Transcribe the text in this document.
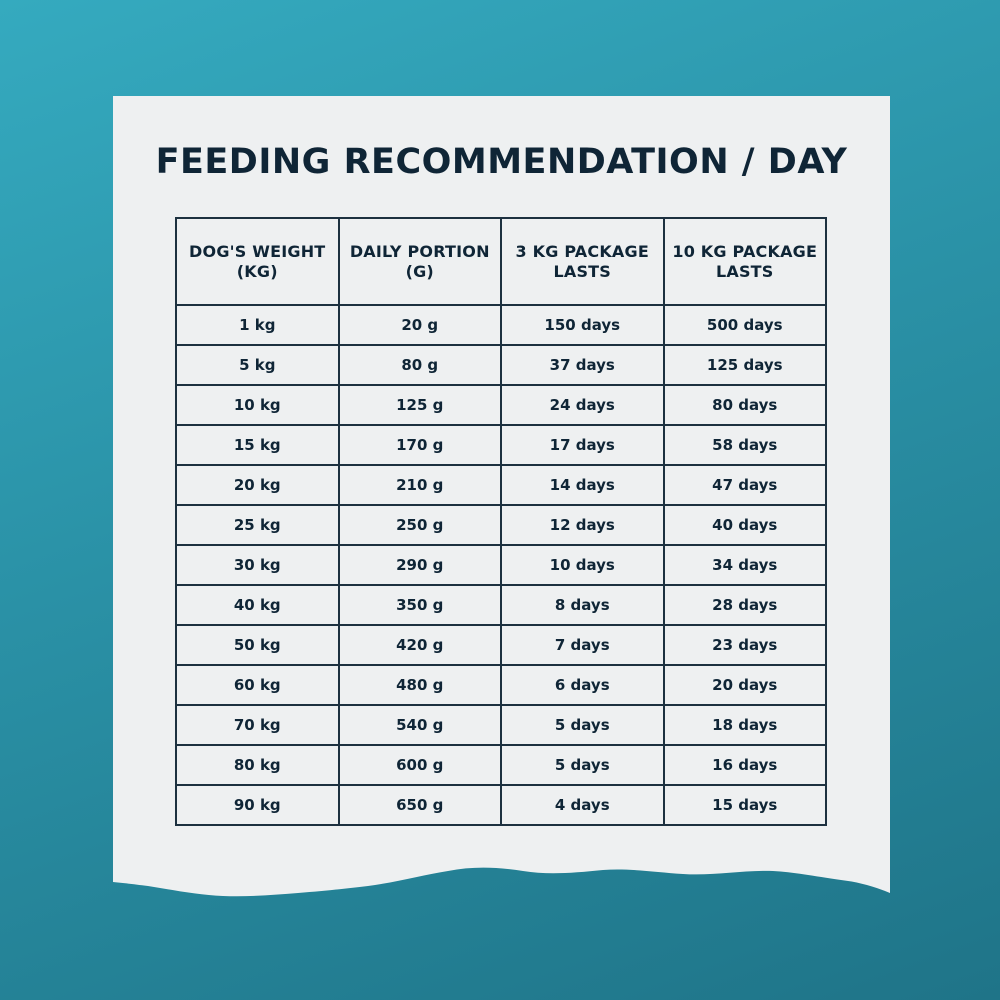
FEEDING RECOMMENDATION / DAY
DOG'S WEIGHT (KG)	DAILY PORTION (G)	3 KG PACKAGE LASTS	10 KG PACKAGE LASTS
1 kg	20 g	150 days	500 days
5 kg	80 g	37 days	125 days
10 kg	125 g	24 days	80 days
15 kg	170 g	17 days	58 days
20 kg	210 g	14 days	47 days
25 kg	250 g	12 days	40 days
30 kg	290 g	10 days	34 days
40 kg	350 g	8 days	28 days
50 kg	420 g	7 days	23 days
60 kg	480 g	6 days	20 days
70 kg	540 g	5 days	18 days
80 kg	600 g	5 days	16 days
90 kg	650 g	4 days	15 days
